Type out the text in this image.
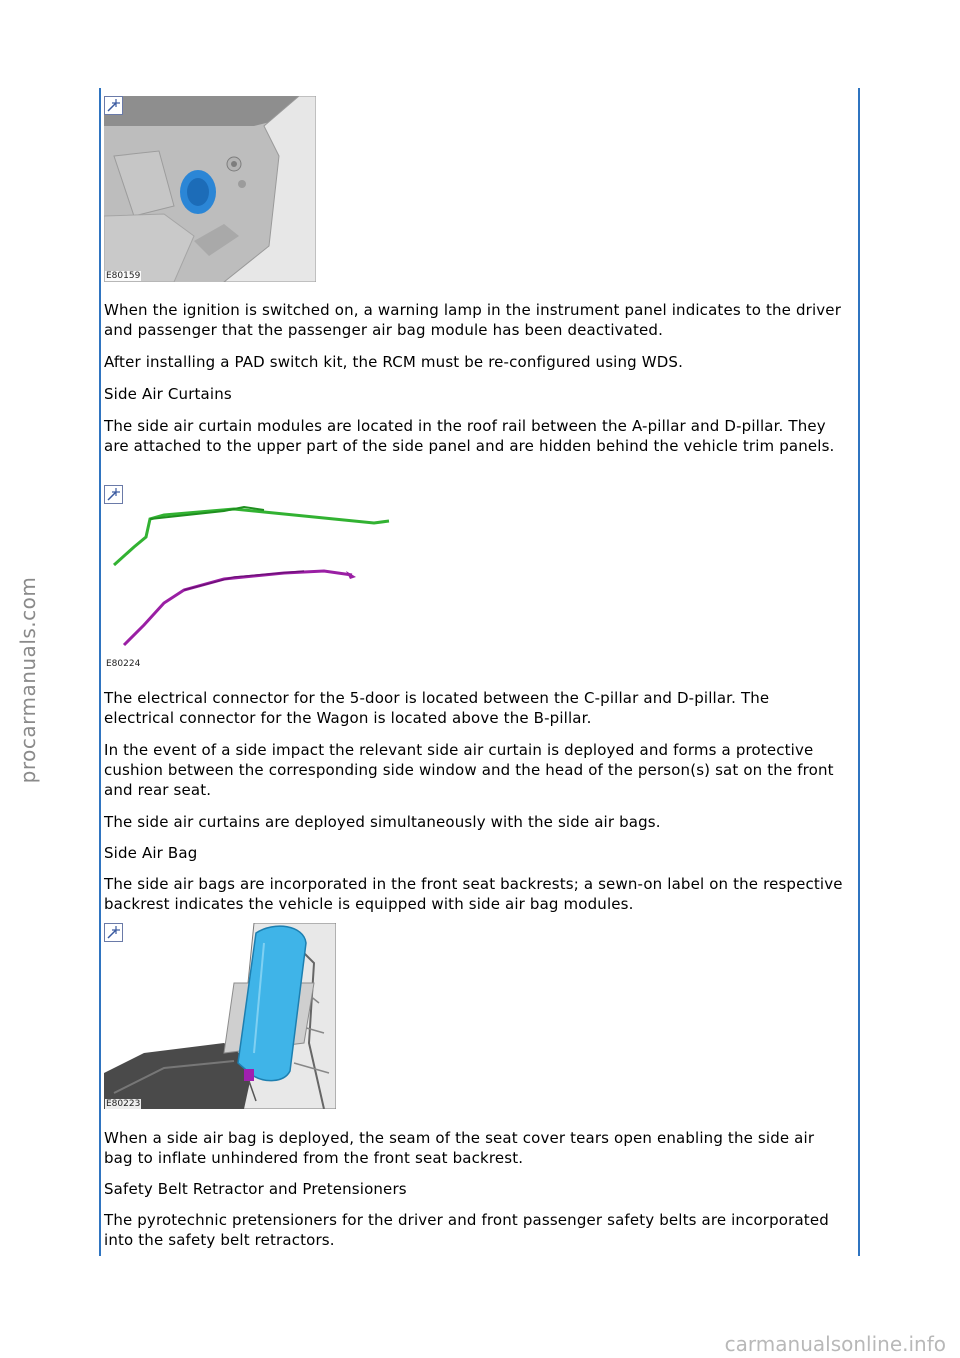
procarmanuals.com
carmanualsonline.info
E80159

When the ignition is switched on, a warning lamp in the instrument panel indicates to the driver and passenger that the passenger air bag module has been deactivated.

After installing a PAD switch kit, the RCM must be re-configured using WDS.

Side Air Curtains

The side air curtain modules are located in the roof rail between the A-pillar and D-pillar. They are attached to the upper part of the side panel and are hidden behind the vehicle trim panels.

E80224

The electrical connector for the 5-door is located between the C-pillar and D-pillar. The electrical connector for the Wagon is located above the B-pillar.

In the event of a side impact the relevant side air curtain is deployed and forms a protective cushion between the corresponding side window and the head of the person(s) sat on the front and rear seat.

The side air curtains are deployed simultaneously with the side air bags.

Side Air Bag

The side air bags are incorporated in the front seat backrests; a sewn-on label on the respective backrest indicates the vehicle is equipped with side air bag modules.

E80223

When a side air bag is deployed, the seam of the seat cover tears open enabling the side air bag to inflate unhindered from the front seat backrest.

Safety Belt Retractor and Pretensioners

The pyrotechnic pretensioners for the driver and front passenger safety belts are incorporated into the safety belt retractors.
